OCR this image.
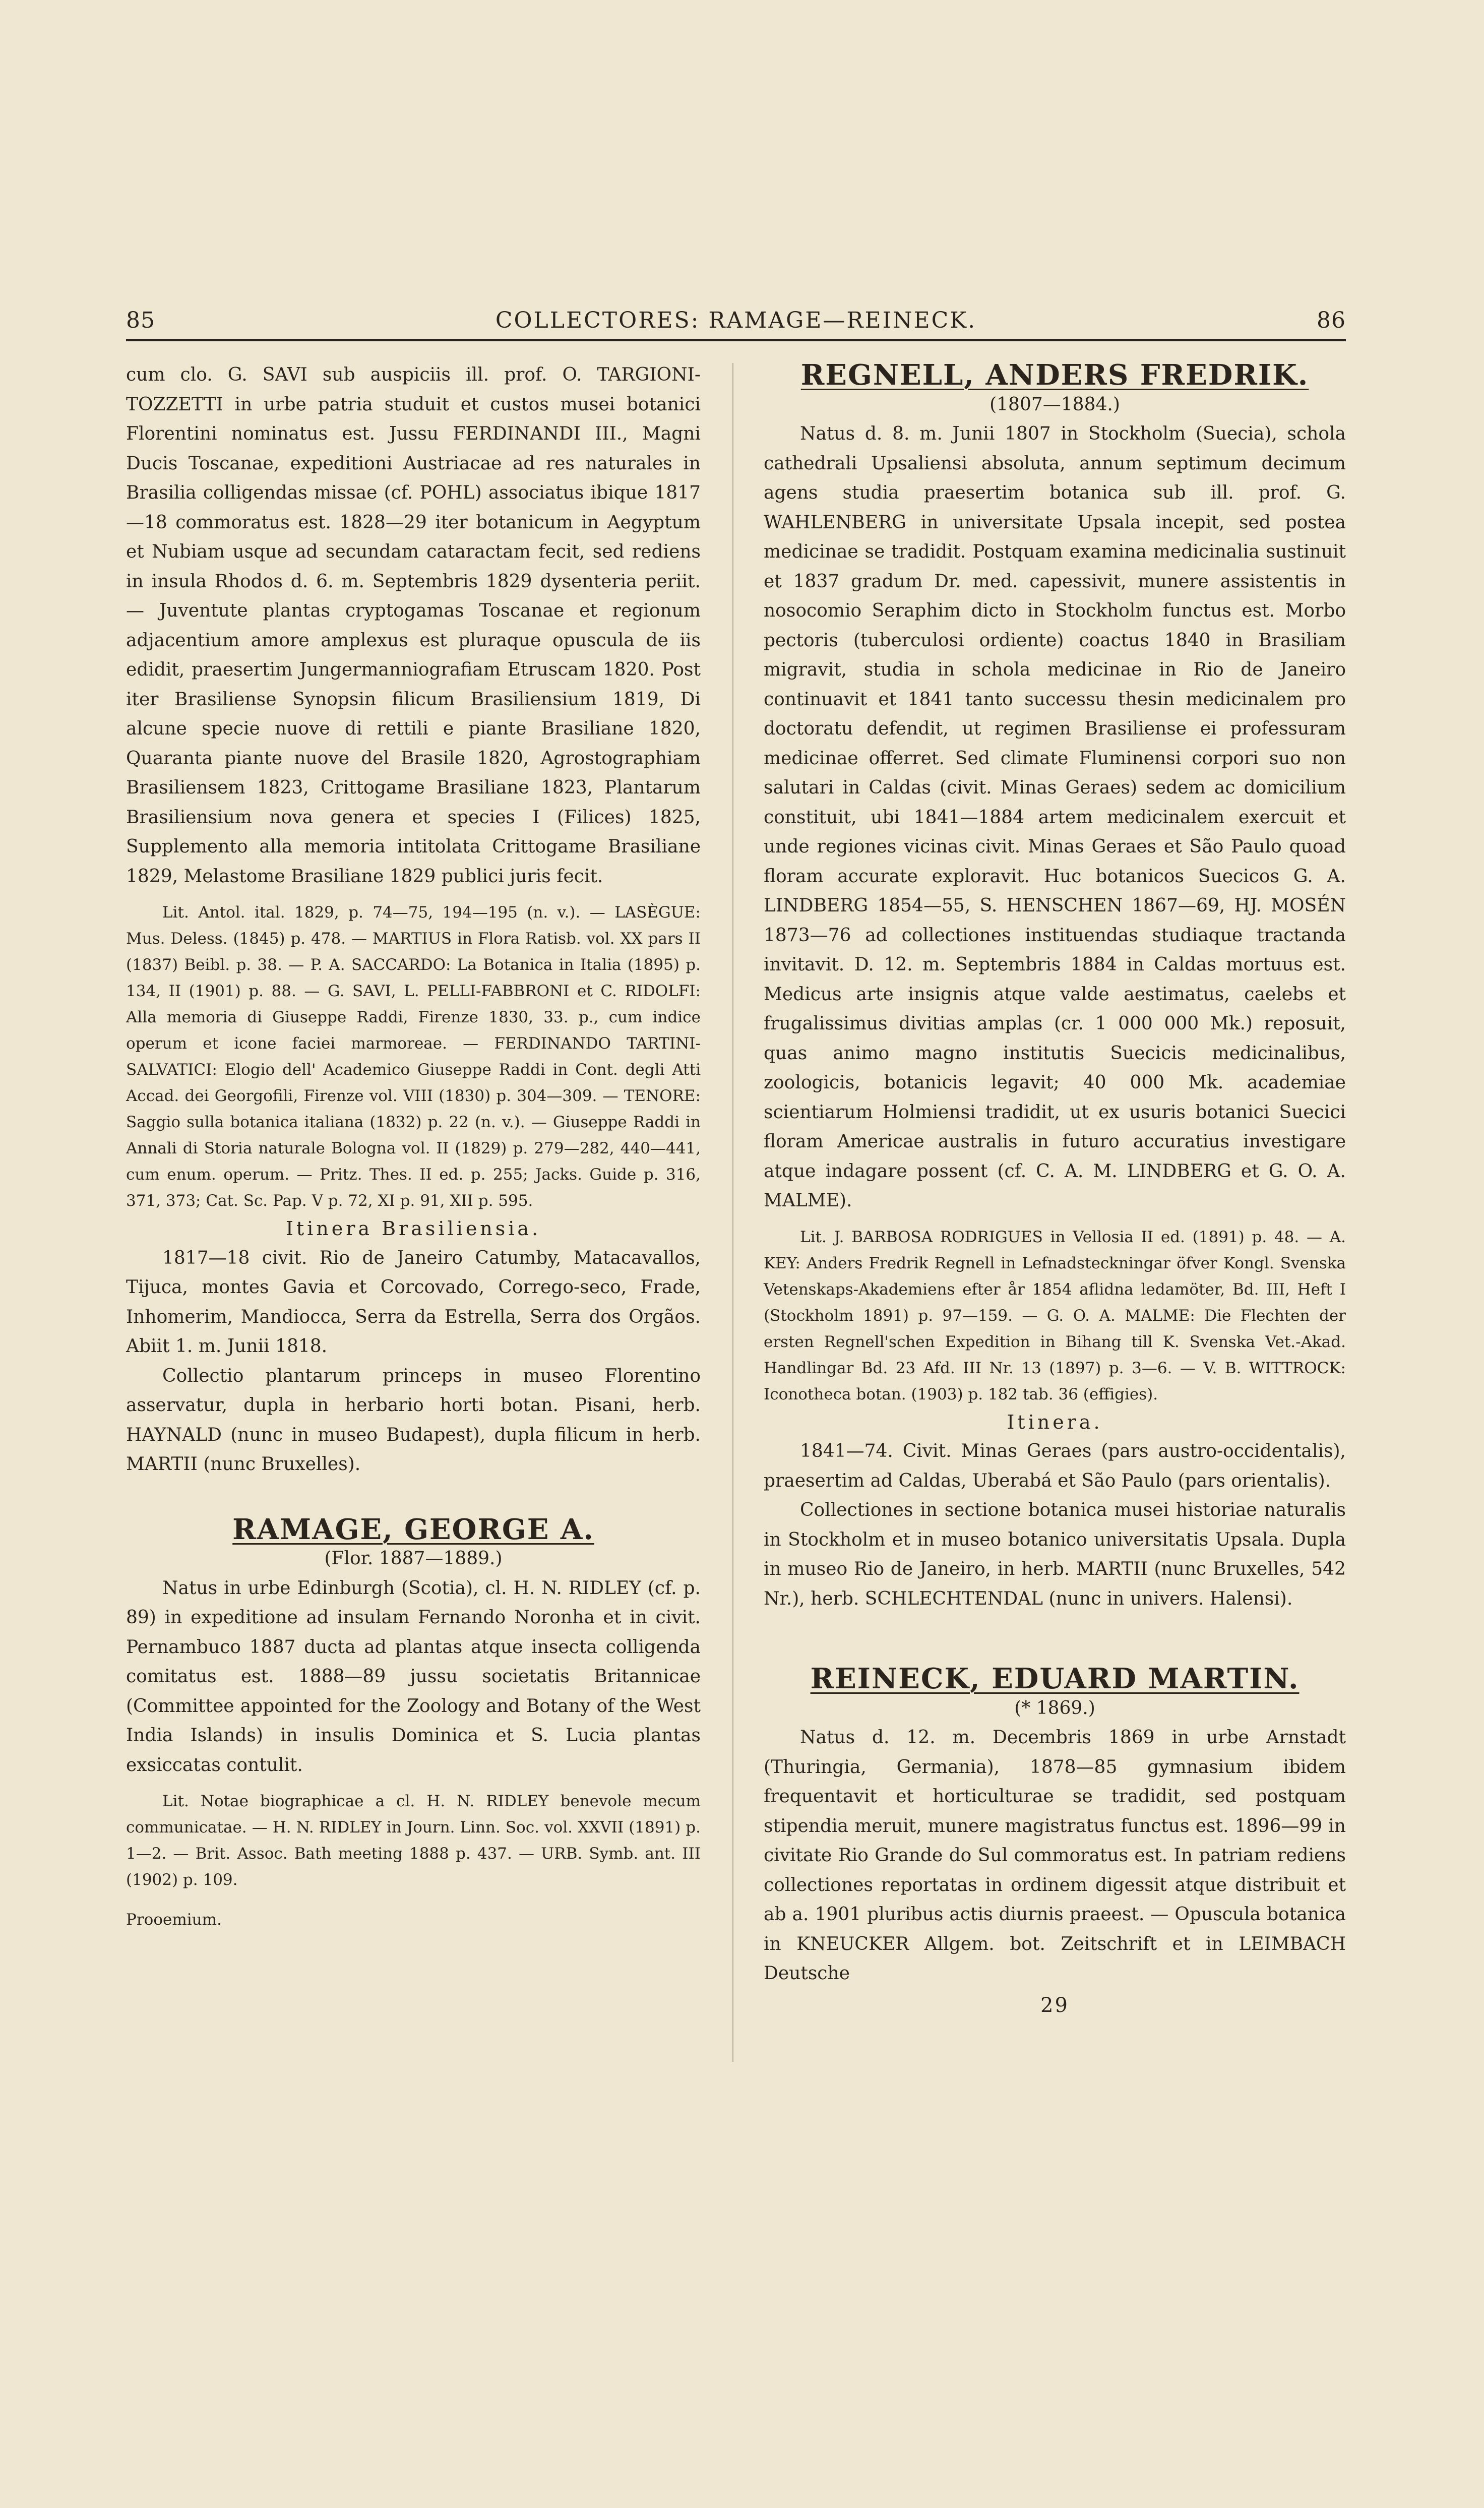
85	COLLECTORES: RAMAGE—REINECK.	86

cum clo. G. SAVI sub auspiciis ill. prof. O. TARGIONI-TOZZETTI in urbe patria studuit et custos musei botanici Florentini nominatus est. Jussu FERDINANDI III., Magni Ducis Toscanae, expeditioni Austriacae ad res naturales in Brasilia colligendas missae (cf. POHL) associatus ibique 1817—18 commoratus est. 1828—29 iter botanicum in Aegyptum et Nubiam usque ad secundam cataractam fecit, sed rediens in insula Rhodos d. 6. m. Septembris 1829 dysenteria periit. — Juventute plantas cryptogamas Toscanae et regionum adjacentium amore amplexus est pluraque opuscula de iis edidit, praesertim Jungermanniografiam Etruscam 1820. Post iter Brasiliense Synopsin filicum Brasiliensium 1819, Di alcune specie nuove di rettili e piante Brasiliane 1820, Quaranta piante nuove del Brasile 1820, Agrostographiam Brasiliensem 1823, Crittogame Brasiliane 1823, Plantarum Brasiliensium nova genera et species I (Filices) 1825, Supplemento alla memoria intitolata Crittogame Brasiliane 1829, Melastome Brasiliane 1829 publici juris fecit.

Lit. Antol. ital. 1829, p. 74—75, 194—195 (n. v.). — LASÈGUE: Mus. Deless. (1845) p. 478. — MARTIUS in Flora Ratisb. vol. XX pars II (1837) Beibl. p. 38. — P. A. SACCARDO: La Botanica in Italia (1895) p. 134, II (1901) p. 88. — G. SAVI, L. PELLI-FABBRONI et C. RIDOLFI: Alla memoria di Giuseppe Raddi, Firenze 1830, 33. p., cum indice operum et icone faciei marmoreae. — FERDINANDO TARTINI-SALVATICI: Elogio dell' Academico Giuseppe Raddi in Cont. degli Atti Accad. dei Georgofili, Firenze vol. VIII (1830) p. 304—309. — TENORE: Saggio sulla botanica italiana (1832) p. 22 (n. v.). — Giuseppe Raddi in Annali di Storia naturale Bologna vol. II (1829) p. 279—282, 440—441, cum enum. operum. — Pritz. Thes. II ed. p. 255; Jacks. Guide p. 316, 371, 373; Cat. Sc. Pap. V p. 72, XI p. 91, XII p. 595.

Itinera Brasiliensia.

1817—18 civit. Rio de Janeiro Catumby, Matacavallos, Tijuca, montes Gavia et Corcovado, Corrego-seco, Frade, Inhomerim, Mandiocca, Serra da Estrella, Serra dos Orgãos. Abiit 1. m. Junii 1818.

Collectio plantarum princeps in museo Florentino asservatur, dupla in herbario horti botan. Pisani, herb. HAYNALD (nunc in museo Budapest), dupla filicum in herb. MARTII (nunc Bruxelles).

RAMAGE, GEORGE A.

(Flor. 1887—1889.)

Natus in urbe Edinburgh (Scotia), cl. H. N. RIDLEY (cf. p. 89) in expeditione ad insulam Fernando Noronha et in civit. Pernambuco 1887 ducta ad plantas atque insecta colligenda comitatus est. 1888—89 jussu societatis Britannicae (Committee appointed for the Zoology and Botany of the West India Islands) in insulis Dominica et S. Lucia plantas exsiccatas contulit.

Lit. Notae biographicae a cl. H. N. RIDLEY benevole mecum communicatae. — H. N. RIDLEY in Journ. Linn. Soc. vol. XXVII (1891) p. 1—2. — Brit. Assoc. Bath meeting 1888 p. 437. — URB. Symb. ant. III (1902) p. 109.

Prooemium.

REGNELL, ANDERS FREDRIK.

(1807—1884.)

Natus d. 8. m. Junii 1807 in Stockholm (Suecia), schola cathedrali Upsaliensi absoluta, annum septimum decimum agens studia praesertim botanica sub ill. prof. G. WAHLENBERG in universitate Upsala incepit, sed postea medicinae se tradidit. Postquam examina medicinalia sustinuit et 1837 gradum Dr. med. capessivit, munere assistentis in nosocomio Seraphim dicto in Stockholm functus est. Morbo pectoris (tuberculosi ordiente) coactus 1840 in Brasiliam migravit, studia in schola medicinae in Rio de Janeiro continuavit et 1841 tanto successu thesin medicinalem pro doctoratu defendit, ut regimen Brasiliense ei professuram medicinae offerret. Sed climate Fluminensi corpori suo non salutari in Caldas (civit. Minas Geraes) sedem ac domicilium constituit, ubi 1841—1884 artem medicinalem exercuit et unde regiones vicinas civit. Minas Geraes et São Paulo quoad floram accurate exploravit. Huc botanicos Suecicos G. A. LINDBERG 1854—55, S. HENSCHEN 1867—69, HJ. MOSÉN 1873—76 ad collectiones instituendas studiaque tractanda invitavit. D. 12. m. Septembris 1884 in Caldas mortuus est. Medicus arte insignis atque valde aestimatus, caelebs et frugalissimus divitias amplas (cr. 1 000 000 Mk.) reposuit, quas animo magno institutis Suecicis medicinalibus, zoologicis, botanicis legavit; 40 000 Mk. academiae scientiarum Holmiensi tradidit, ut ex usuris botanici Suecici floram Americae australis in futuro accuratius investigare atque indagare possent (cf. C. A. M. LINDBERG et G. O. A. MALME).

Lit. J. BARBOSA RODRIGUES in Vellosia II ed. (1891) p. 48. — A. KEY: Anders Fredrik Regnell in Lefnadsteckningar öfver Kongl. Svenska Vetenskaps-Akademiens efter år 1854 aflidna ledamöter, Bd. III, Heft I (Stockholm 1891) p. 97—159. — G. O. A. MALME: Die Flechten der ersten Regnell'schen Expedition in Bihang till K. Svenska Vet.-Akad. Handlingar Bd. 23 Afd. III Nr. 13 (1897) p. 3—6. — V. B. WITTROCK: Iconotheca botan. (1903) p. 182 tab. 36 (effigies).

Itinera.

1841—74. Civit. Minas Geraes (pars austro-occidentalis), praesertim ad Caldas, Uberabá et São Paulo (pars orientalis).

Collectiones in sectione botanica musei historiae naturalis in Stockholm et in museo botanico universitatis Upsala. Dupla in museo Rio de Janeiro, in herb. MARTII (nunc Bruxelles, 542 Nr.), herb. SCHLECHTENDAL (nunc in univers. Halensi).

REINECK, EDUARD MARTIN.

(* 1869.)

Natus d. 12. m. Decembris 1869 in urbe Arnstadt (Thuringia, Germania), 1878—85 gymnasium ibidem frequentavit et horticulturae se tradidit, sed postquam stipendia meruit, munere magistratus functus est. 1896—99 in civitate Rio Grande do Sul commoratus est. In patriam rediens collectiones reportatas in ordinem digessit atque distribuit et ab a. 1901 pluribus actis diurnis praeest. — Opuscula botanica in KNEUCKER Allgem. bot. Zeitschrift et in LEIMBACH Deutsche

29
